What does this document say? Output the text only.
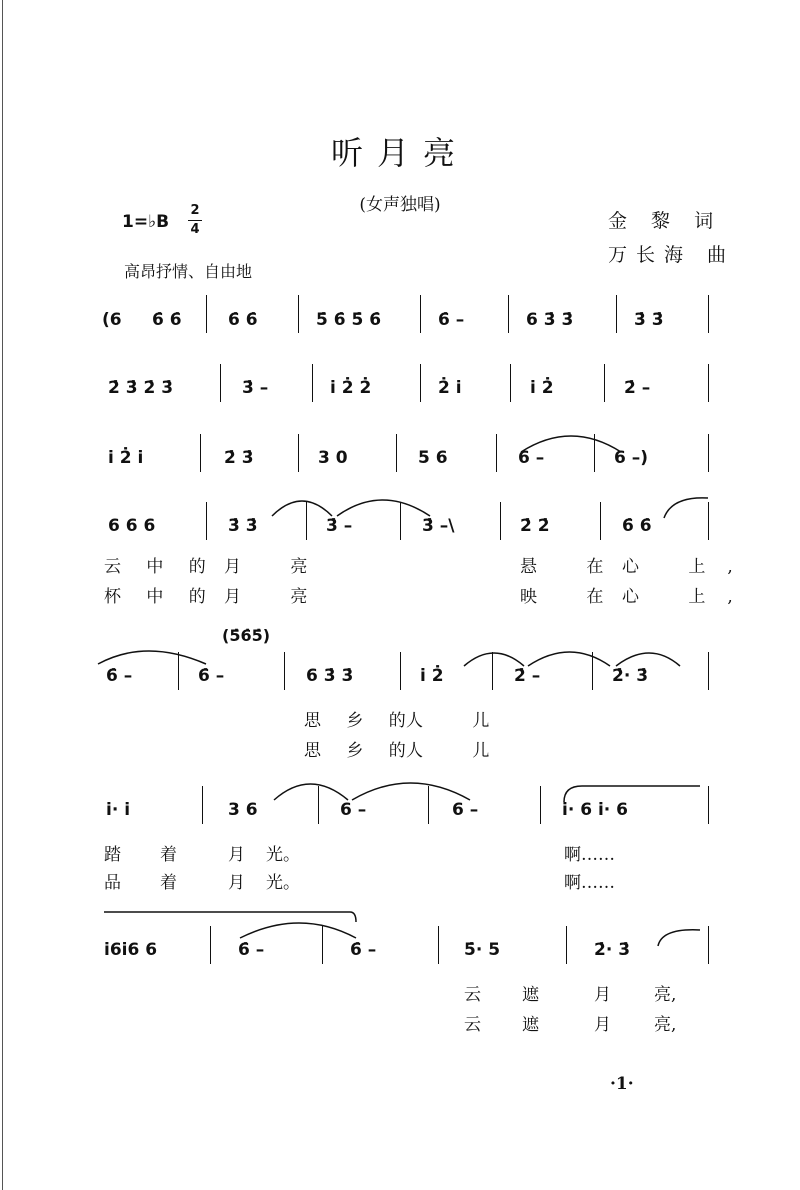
听月亮
(女声独唱)
金 黎 词
万长海 曲
1=♭B
2
4
高昂抒情、自由地
(6 6̇ 6̇	6̇ 6̇	5̇ 6̇ 5̇ 6̇	6̇ –	6 3̇ 3̇	3̇ 3̇
2̇ 3̇ 2̇ 3̇	3̇ –	i 2̇ 2̇	2̇ i	i 2̇	2̇ –
i 2̇ i	2̇ 3̇	3 0	5 6	6 –	6 –)
6 6 6	3̇ 3̇	3̇ –	3̇ –\	2̇ 2̇	6̇ 6̇
云 中 的 月 亮	悬 在
心 上,
杯 中 的 月 亮	映 在
心 上,
(5̇6̇5̇)
6̇ –	6̇ –	6 3̇ 3̇	i 2̇	2̇ –	2̇· 3̇
思 乡 的
人 儿
思 乡 的
人 儿
i· i	3 6	6 –	6 –	i· 6 i· 6
踏 着	月 光。	啊……
品 着	月 光。	啊……
i6i6 6	6̇ –	6̇ –	5̇· 5	2̇· 3̇
云 遮	月	亮,
云 遮	月	亮,
·1·
